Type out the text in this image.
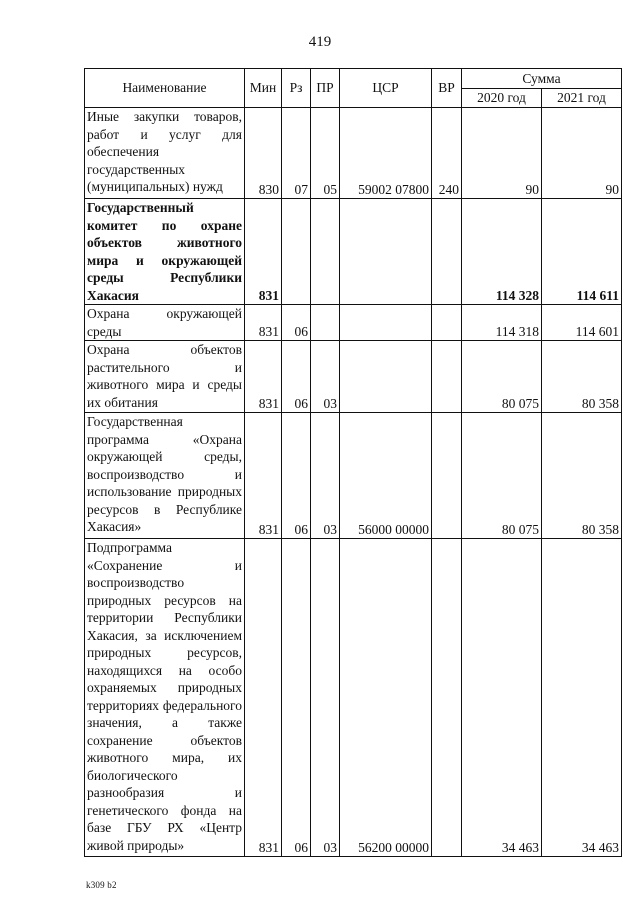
419
Наименование	Мин	Рз	ПР	ЦСР	ВР	Сумма	
						2020 год	2021 год
Иные закупки товаров, работ и услуг для обеспечения государственных (муниципальных) нужд	830	07	05	59002 07800	240	90	90
Государственный комитет по охране объектов животного мира и окружающей среды Республики Хакасия	831					114 328	114 611
Охрана окружающей среды	831	06				114 318	114 601
Охрана объектов растительного и животного мира и среды их обитания	831	06	03			80 075	80 358
Государственная программа «Охрана окружающей среды, воспроизводство и использование природных ресурсов в Республике Хакасия»	831	06	03	56000 00000		80 075	80 358
Подпрограмма «Сохранение и воспроизводство природных ресурсов на территории Республики Хакасия, за исключением природных ресурсов, находящихся на особо охраняемых природных территориях федерального значения, а также сохранение объектов животного мира, их биологического разнообразия и генетического фонда на базе ГБУ РХ «Центр живой природы»	831	06	03	56200 00000		34 463	34 463
k309 b2
